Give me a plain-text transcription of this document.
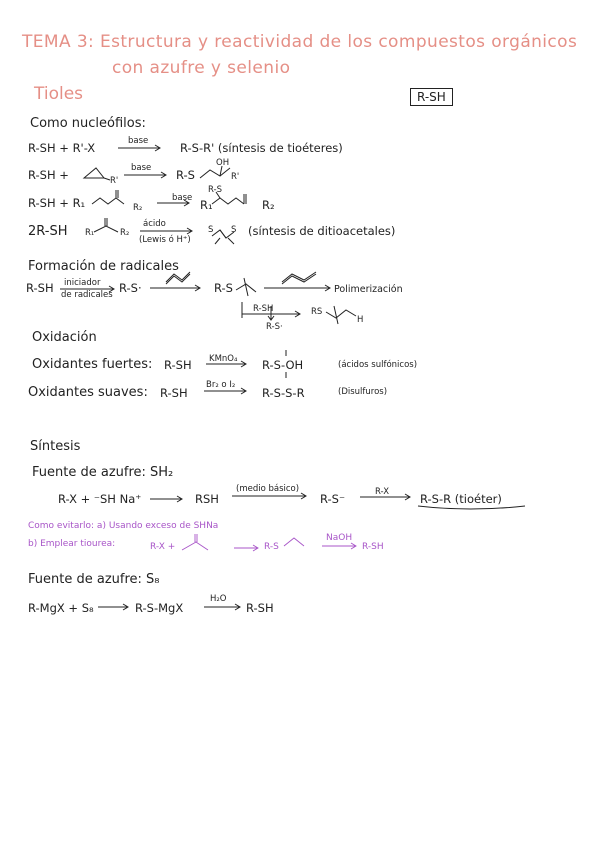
TEMA 3: Estructura y reactividad de los compuestos orgánicos
con azufre y selenio
Tioles	R-SH
Como nucleófilos:
R-SH + R'-X	base	R-S-R' (síntesis de tioéteres)
R-SH +	R'
base R-S
OH
R'
R-SH + R₁	R₂
base
R-S
R₁	R₂
2R-SH R₁	R₂
ácido
(Lewis ó H⁺)
S S (síntesis de ditioacetales)
Formación de radicales
R-SH iniciador
de radicales R-S·	R-S	Polimerización
R-SH
R-S·
RS
H
Oxidación
Oxidantes fuertes: R-SH KMnO₄ R-S-OH	(ácidos sulfónicos)
Oxidantes suaves: R-SH
Br₂ o I₂
R-S-S-R	(Disulfuros)
Síntesis
Fuente de azufre: SH₂
R-X + ⁻SH Na⁺	RSH
(medio básico)
R-S⁻	R-X	R-S-R (tioéter)
Como evitarlo: a) Usando exceso de SHNa
b) Emplear tiourea:	R-X +	R-S
NaOH
R-SH
Fuente de azufre: S₈
R-MgX + S₈	R-S-MgX
H₂O
R-SH
